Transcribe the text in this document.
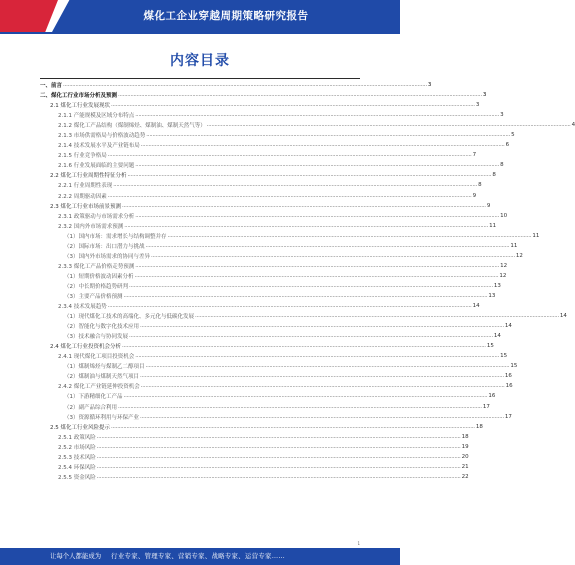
煤化工企业穿越周期策略研究报告
内容目录
一、前言 .....	3
二、煤化工行业市场分析及预测 .....	3
2.1 煤化工行业发展现状 .....	3
2.1.1 产能规模及区域分布特点 .....	3
2.1.2 煤化工产品结构（煤制烯烃、煤制油、煤制天然气等） .....	4
2.1.3 市场供需格局与价格波动趋势 .....	5
2.1.4 技术发展水平及产业链布局 .....	6
2.1.5 行业竞争格局 .....	7
2.1.6 行业发展面临的主要问题 .....	8
2.2 煤化工行业周期性特征分析 .....	8
2.2.1 行业周期性表现 .....	8
2.2.2 周期驱动因素 .....	9
2.3 煤化工行业市场前景预测 .....	9
2.3.1 政策驱动与市场需求分析 .....	10
2.3.2 国内外市场需求预测 .....	11
（1）国内市场：需求增长与结构调整并存 .....	11
（2）国际市场：出口潜力与挑战 .....	11
（3）国内外市场需求的协同与差异 .....	12
2.3.3 煤化工产品价格走势预测 .....	12
（1）短期价格波动因素分析 .....	12
（2）中长期价格趋势研判 .....	13
（3）主要产品价格预测 .....	13
2.3.4 技术发展趋势 .....	14
（1）现代煤化工技术的高端化、多元化与低碳化发展 .....	14
（2）智能化与数字化技术应用 .....	14
（3）技术融合与协同发展 .....	14
2.4 煤化工行业投资机会分析 .....	15
2.4.1 现代煤化工项目投资机会 .....	15
（1）煤制烯烃与煤制乙二醇项目 .....	15
（2）煤制油与煤制天然气项目 .....	16
2.4.2 煤化工产业链延伸投资机会 .....	16
（1）下游精细化工产品 .....	16
（2）副产品综合利用 .....	17
（3）资源循环利用与环保产业 .....	17
2.5 煤化工行业风险提示 .....	18
2.5.1 政策风险 .....	18
2.5.2 市场风险 .....	19
2.5.3 技术风险 .....	20
2.5.4 环保风险 .....	21
2.5.5 资金风险 .....	22
1
让每个人都能成为 行业专家、管理专家、营销专家、战略专家、运营专家……
